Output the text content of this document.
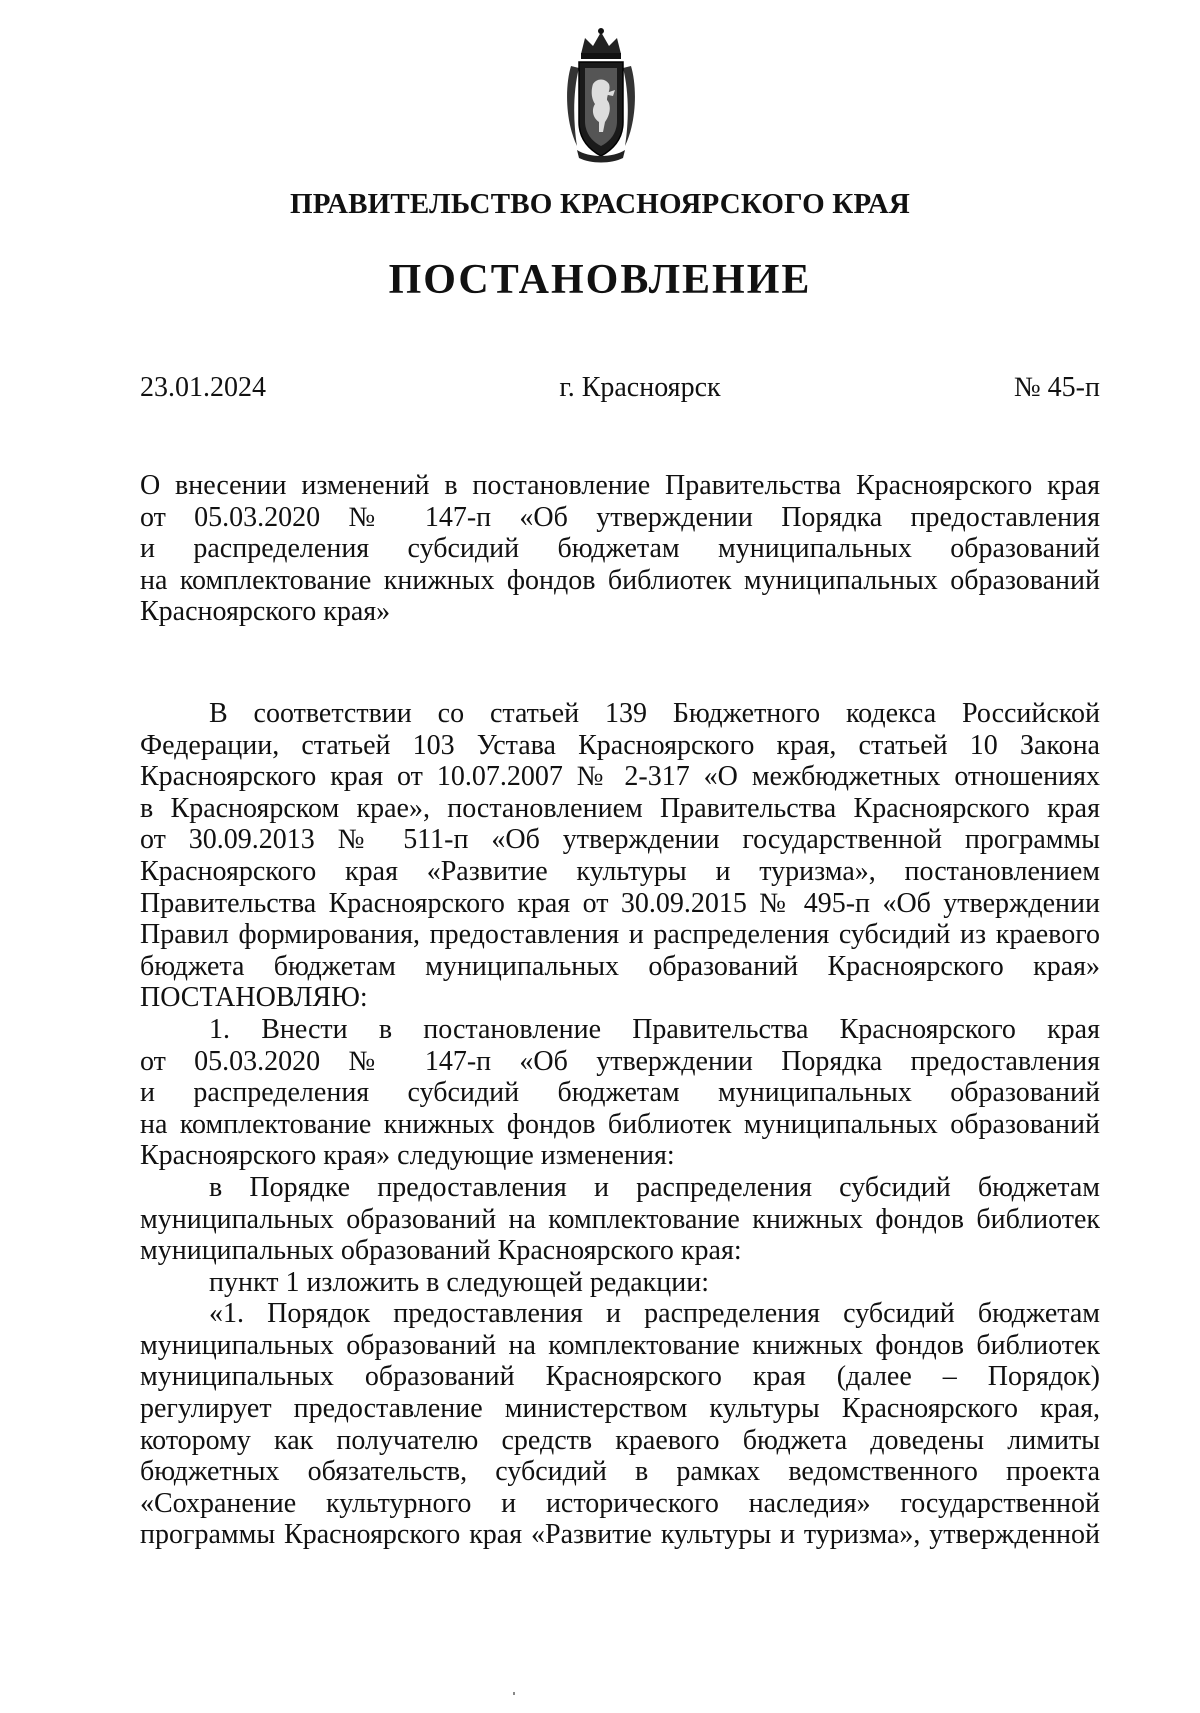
ПРАВИТЕЛЬСТВО КРАСНОЯРСКОГО КРАЯ
ПОСТАНОВЛЕНИЕ
23.01.2024	г. Красноярск	№ 45-п

О внесении изменений в постановление Правительства Красноярского края

от 05.03.2020 № 147-п «Об утверждении Порядка предоставления

и распределения субсидий бюджетам муниципальных образований

на комплектование книжных фондов библиотек муниципальных образований

Красноярского края»

В соответствии со статьей 139 Бюджетного кодекса Российской

Федерации, статьей 103 Устава Красноярского края, статьей 10 Закона

Красноярского края от 10.07.2007 № 2-317 «О межбюджетных отношениях

в Красноярском крае», постановлением Правительства Красноярского края

от 30.09.2013 № 511-п «Об утверждении государственной программы

Красноярского края «Развитие культуры и туризма», постановлением

Правительства Красноярского края от 30.09.2015 № 495-п «Об утверждении

Правил формирования, предоставления и распределения субсидий из краевого

бюджета бюджетам муниципальных образований Красноярского края»

ПОСТАНОВЛЯЮ:

1. Внести в постановление Правительства Красноярского края

от 05.03.2020 № 147-п «Об утверждении Порядка предоставления

и распределения субсидий бюджетам муниципальных образований

на комплектование книжных фондов библиотек муниципальных образований

Красноярского края» следующие изменения:

в Порядке предоставления и распределения субсидий бюджетам

муниципальных образований на комплектование книжных фондов библиотек

муниципальных образований Красноярского края:

пункт 1 изложить в следующей редакции:

«1. Порядок предоставления и распределения субсидий бюджетам

муниципальных образований на комплектование книжных фондов библиотек

муниципальных образований Красноярского края (далее – Порядок)

регулирует предоставление министерством культуры Красноярского края,

которому как получателю средств краевого бюджета доведены лимиты

бюджетных обязательств, субсидий в рамках ведомственного проекта

«Сохранение культурного и исторического наследия» государственной

программы Красноярского края «Развитие культуры и туризма», утвержденной
